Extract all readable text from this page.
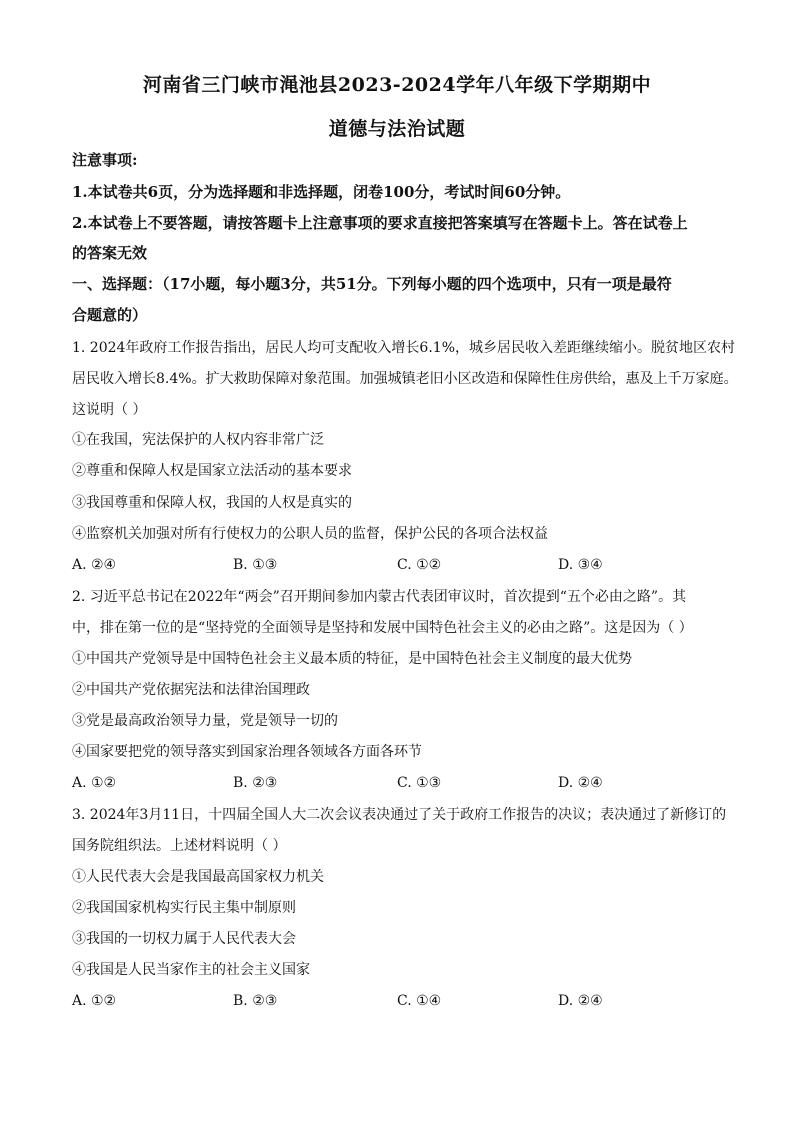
河南省三门峡市渑池县2023-2024学年八年级下学期期中
道德与法治试题
注意事项:
1.本试卷共6页，分为选择题和非选择题，闭卷100分，考试时间60分钟。
2.本试卷上不要答题，请按答题卡上注意事项的要求直接把答案填写在答题卡上。答在试卷上
的答案无效
一、选择题：（17小题，每小题3分，共51分。下列每小题的四个选项中，只有一项是最符
合题意的）
1. 2024年政府工作报告指出，居民人均可支配收入增长6.1%，城乡居民收入差距继续缩小。脱贫地区农村
居民收入增长8.4%。扩大救助保障对象范围。加强城镇老旧小区改造和保障性住房供给，惠及上千万家庭。
这说明（ ）
①在我国，宪法保护的人权内容非常广泛
②尊重和保障人权是国家立法活动的基本要求
③我国尊重和保障人权，我国的人权是真实的
④监察机关加强对所有行使权力的公职人员的监督，保护公民的各项合法权益
A. ②④	B. ①③	C. ①②	D. ③④
2. 习近平总书记在2022年“两会”召开期间参加内蒙古代表团审议时，首次提到“五个必由之路”。其
中，排在第一位的是“坚持党的全面领导是坚持和发展中国特色社会主义的必由之路”。这是因为（ ）
①中国共产党领导是中国特色社会主义最本质的特征，是中国特色社会主义制度的最大优势
②中国共产党依据宪法和法律治国理政
③党是最高政治领导力量，党是领导一切的
④国家要把党的领导落实到国家治理各领域各方面各环节
A. ①②	B. ②③	C. ①③	D. ②④
3. 2024年3月11日，十四届全国人大二次会议表决通过了关于政府工作报告的决议；表决通过了新修订的
国务院组织法。上述材料说明（ ）
①人民代表大会是我国最高国家权力机关
②我国国家机构实行民主集中制原则
③我国的一切权力属于人民代表大会
④我国是人民当家作主的社会主义国家
A. ①②	B. ②③	C. ①④	D. ②④
